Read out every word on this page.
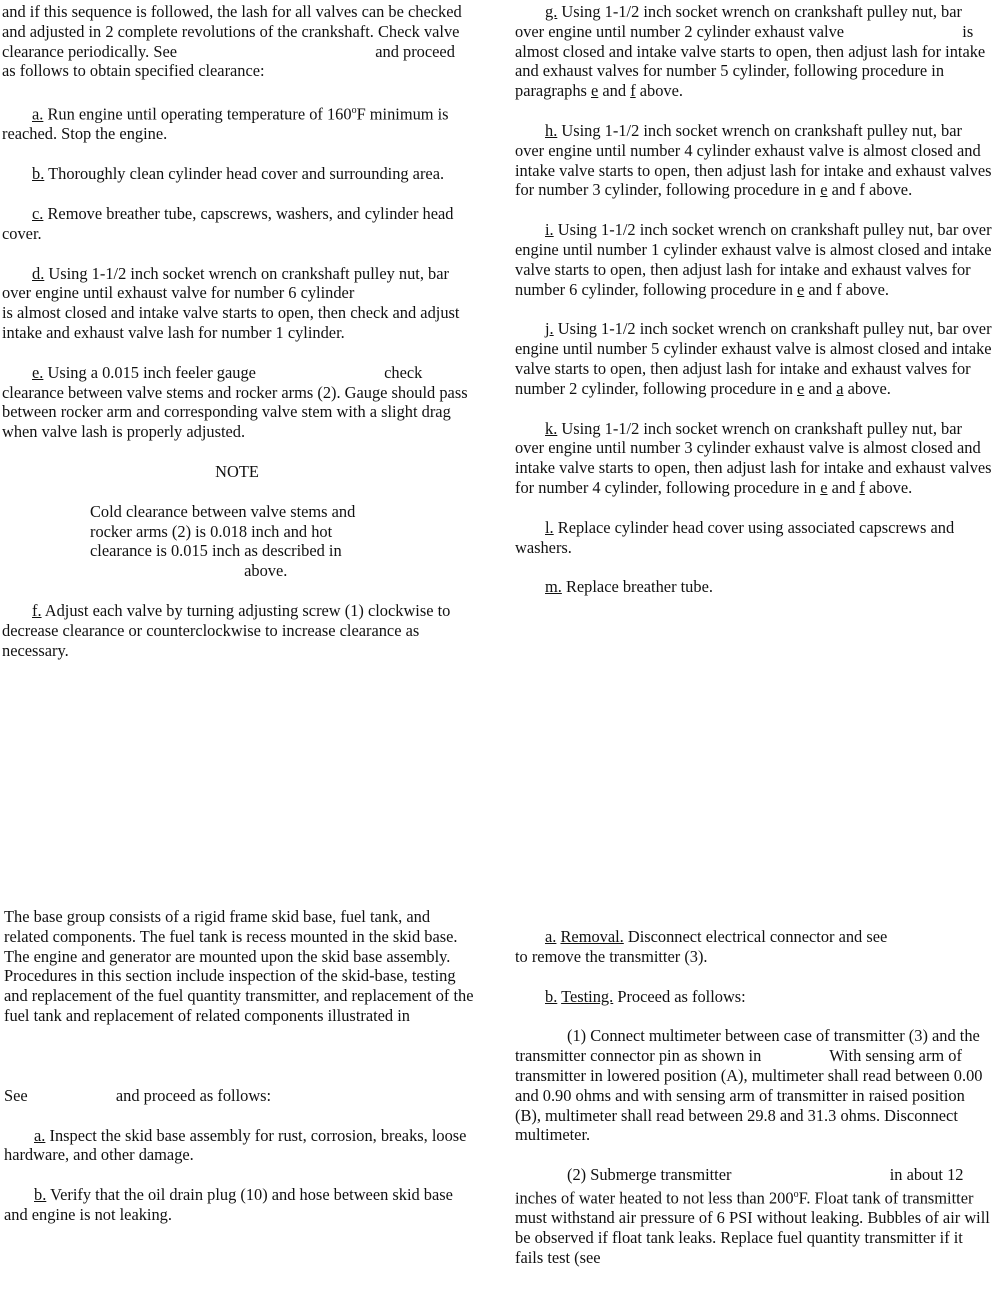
and if this sequence is followed, the lash for all valves can be checked and adjusted in 2 complete revolutions of the crankshaft. Check valve clearance periodically. See	and proceed as follows to obtain specified clearance:

a. Run engine until operating temperature of 160$^o$F minimum is reached. Stop the engine.

b. Thoroughly clean cylinder head cover and surrounding area.

c. Remove breather tube, capscrews, washers, and cylinder head cover.

d. Using 1-1/2 inch socket wrench on crankshaft pulley nut, bar over engine until exhaust valve for number 6 cylinder  is almost closed and intake valve starts to open, then check and adjust intake and exhaust valve lash for number 1 cylinder.

e. Using a 0.015 inch feeler gauge	check clearance between valve stems and rocker arms (2). Gauge should pass between rocker arm and corresponding valve stem with a slight drag when valve lash is properly adjusted.

NOTE
Cold clearance between valve stems and rocker arms (2) is 0.018 inch and hot clearance is 0.015 inch as described in  above.

f. Adjust each valve by turning adjusting screw (1) clockwise to decrease clearance or counterclockwise to increase clearance as necessary.

g. Using 1-1/2 inch socket wrench on crankshaft pulley nut, bar over engine until number 2 cylinder exhaust valve	is almost closed and intake valve starts to open, then adjust lash for intake and exhaust valves for number 5 cylinder, following procedure in paragraphs e and f above.

h. Using 1-1/2 inch socket wrench on crankshaft pulley nut, bar over engine until number 4 cylinder exhaust valve is almost closed and intake valve starts to open, then adjust lash for intake and exhaust valves for number 3 cylinder, following procedure in e and f above.

i. Using 1-1/2 inch socket wrench on crankshaft pulley nut, bar over engine until number 1 cylinder exhaust valve is almost closed and intake valve starts to open, then adjust lash for intake and exhaust valves for number 6 cylinder, following procedure in e and f above.

j. Using 1-1/2 inch socket wrench on crankshaft pulley nut, bar over engine until number 5 cylinder exhaust valve is almost closed and intake valve starts to open, then adjust lash for intake and exhaust valves for number 2 cylinder, following procedure in e and a above.

k. Using 1-1/2 inch socket wrench on crankshaft pulley nut, bar over engine until number 3 cylinder exhaust valve is almost closed and intake valve starts to open, then adjust lash for intake and exhaust valves for number 4 cylinder, following procedure in e and f above.

l. Replace cylinder head cover using associated capscrews and washers.

m. Replace breather tube.

The base group consists of a rigid frame skid base, fuel tank, and related components. The fuel tank is recess mounted in the skid base. The engine and generator are mounted upon the skid base assembly. Procedures in this section include inspection of the skid-base, testing and replacement of the fuel quantity transmitter, and replacement of the fuel tank and replacement of related components illustrated in

See	and proceed as follows:

a. Inspect the skid base assembly for rust, corrosion, breaks, loose hardware, and other damage.

b. Verify that the oil drain plug (10) and hose between skid base and engine is not leaking.

a. Removal. Disconnect electrical connector and see  to remove the transmitter (3).

b. Testing. Proceed as follows:

(1) Connect multimeter between case of transmitter (3) and the transmitter connector pin as shown in	With sensing arm of transmitter in lowered position (A), multimeter shall read between 0.00 and 0.90 ohms and with sensing arm of transmitter in raised position (B), multimeter shall read between 29.8 and 31.3 ohms. Disconnect multimeter.

(2) Submerge transmitter	in about 12 inches of water heated to not less than 200$^o$F. Float tank of transmitter must withstand air pressure of 6 PSI without leaking. Bubbles of air will be observed if float tank leaks. Replace fuel quantity transmitter if it fails test (see
